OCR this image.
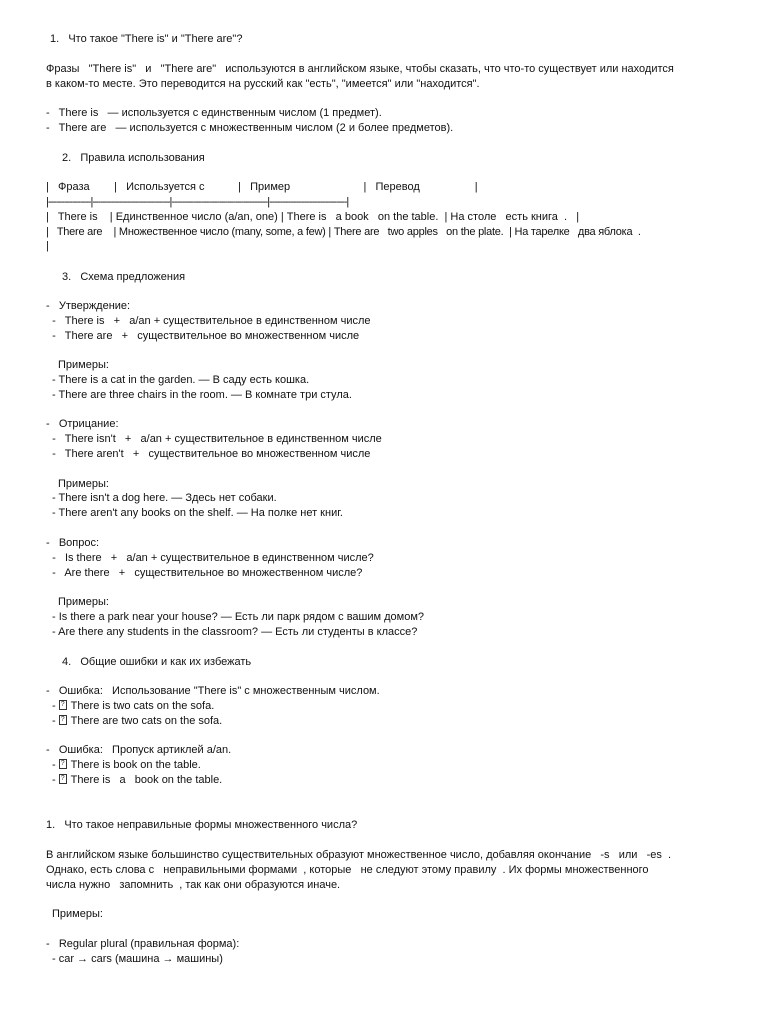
1.   Что такое "There is" и "There are"?

Фразы   "There is"   и   "There are"   используются в английском языке, чтобы сказать, что что-то существует или находится

в каком-то месте. Это переводится на русский как "есть", "имеется" или "находится".

-   There is   — используется с единственным числом (1 предмет).

-   There are   — используется с множественным числом (2 и более предметов).

2.   Правила использования

|   Фраза        |   Используется с           |   Пример                        |   Перевод                  |

|----------------|-----------------------------|------------------------------------|-----------------------------|

|   There is    | Единственное число (a/an, one) | There is   a book   on the table.  | На столе   есть книга  .   |

|   There are    | Множественное число (many, some, a few) | There are   two apples   on the plate.  | На тарелке   два яблока  .

|

3.   Схема предложения

-   Утверждение:

-   There is   +   a/an + существительное в единственном числе

-   There are   +   существительное во множественном числе

Примеры:

- There is a cat in the garden. — В саду есть кошка.

- There are three chairs in the room. — В комнате три стула.

-   Отрицание:

-   There isn't   +   a/an + существительное в единственном числе

-   There aren't   +   существительное во множественном числе

Примеры:

- There isn't a dog here. — Здесь нет собаки.

- There aren't any books on the shelf. — На полке нет книг.

-   Вопрос:

-   Is there   +   a/an + существительное в единственном числе?

-   Are there   +   существительное во множественном числе?

Примеры:

- Is there a park near your house? — Есть ли парк рядом с вашим домом?

- Are there any students in the classroom? — Есть ли студенты в классе?

4.   Общие ошибки и как их избежать

-   Ошибка:   Использование "There is" с множественным числом.

-  ? There is two cats on the sofa.

-  ? There are two cats on the sofa.

-   Ошибка:   Пропуск артиклей a/an.

-  ? There is book on the table.

-  ? There is   a   book on the table.

1.   Что такое неправильные формы множественного числа?

В английском языке большинство существительных образуют множественное число, добавляя окончание   -s   или   -es  .

Однако, есть слова с   неправильными формами  , которые   не следуют этому правилу  . Их формы множественного

числа нужно   запомнить  , так как они образуются иначе.

Примеры:

-   Regular plural (правильная форма):

- car → cars (машина → машины)
